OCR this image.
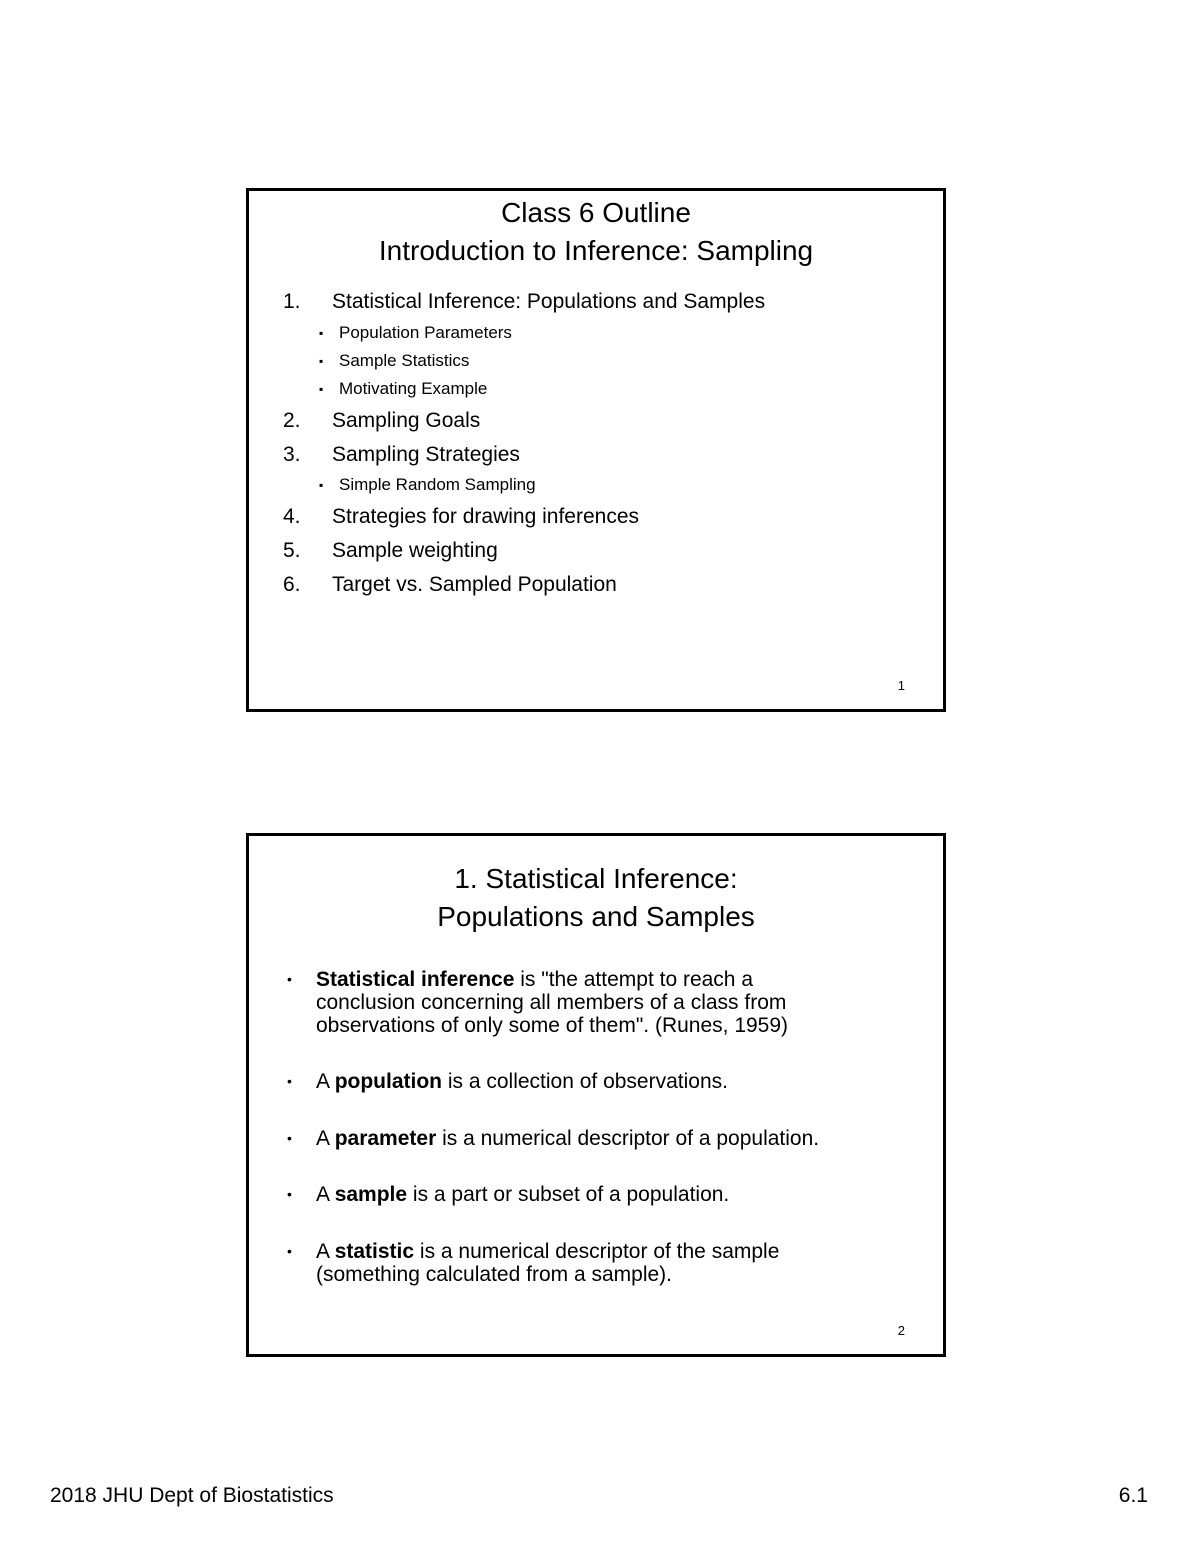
Class 6 Outline
Introduction to Inference: Sampling
1. Statistical Inference: Populations and Samples
▪ Population Parameters
▪ Sample Statistics
▪ Motivating Example
2. Sampling Goals
3. Sampling Strategies
▪ Simple Random Sampling
4. Strategies for drawing inferences
5. Sample weighting
6. Target vs. Sampled Population
1
1. Statistical Inference:
Populations and Samples
• Statistical inference is "the attempt to reach a
conclusion concerning all members of a class from
observations of only some of them". (Runes, 1959)
• A population is a collection of observations.
• A parameter is a numerical descriptor of a population.
• A sample is a part or subset of a population.
• A statistic is a numerical descriptor of the sample
(something calculated from a sample).
2
2018 JHU Dept of Biostatistics	6.1
